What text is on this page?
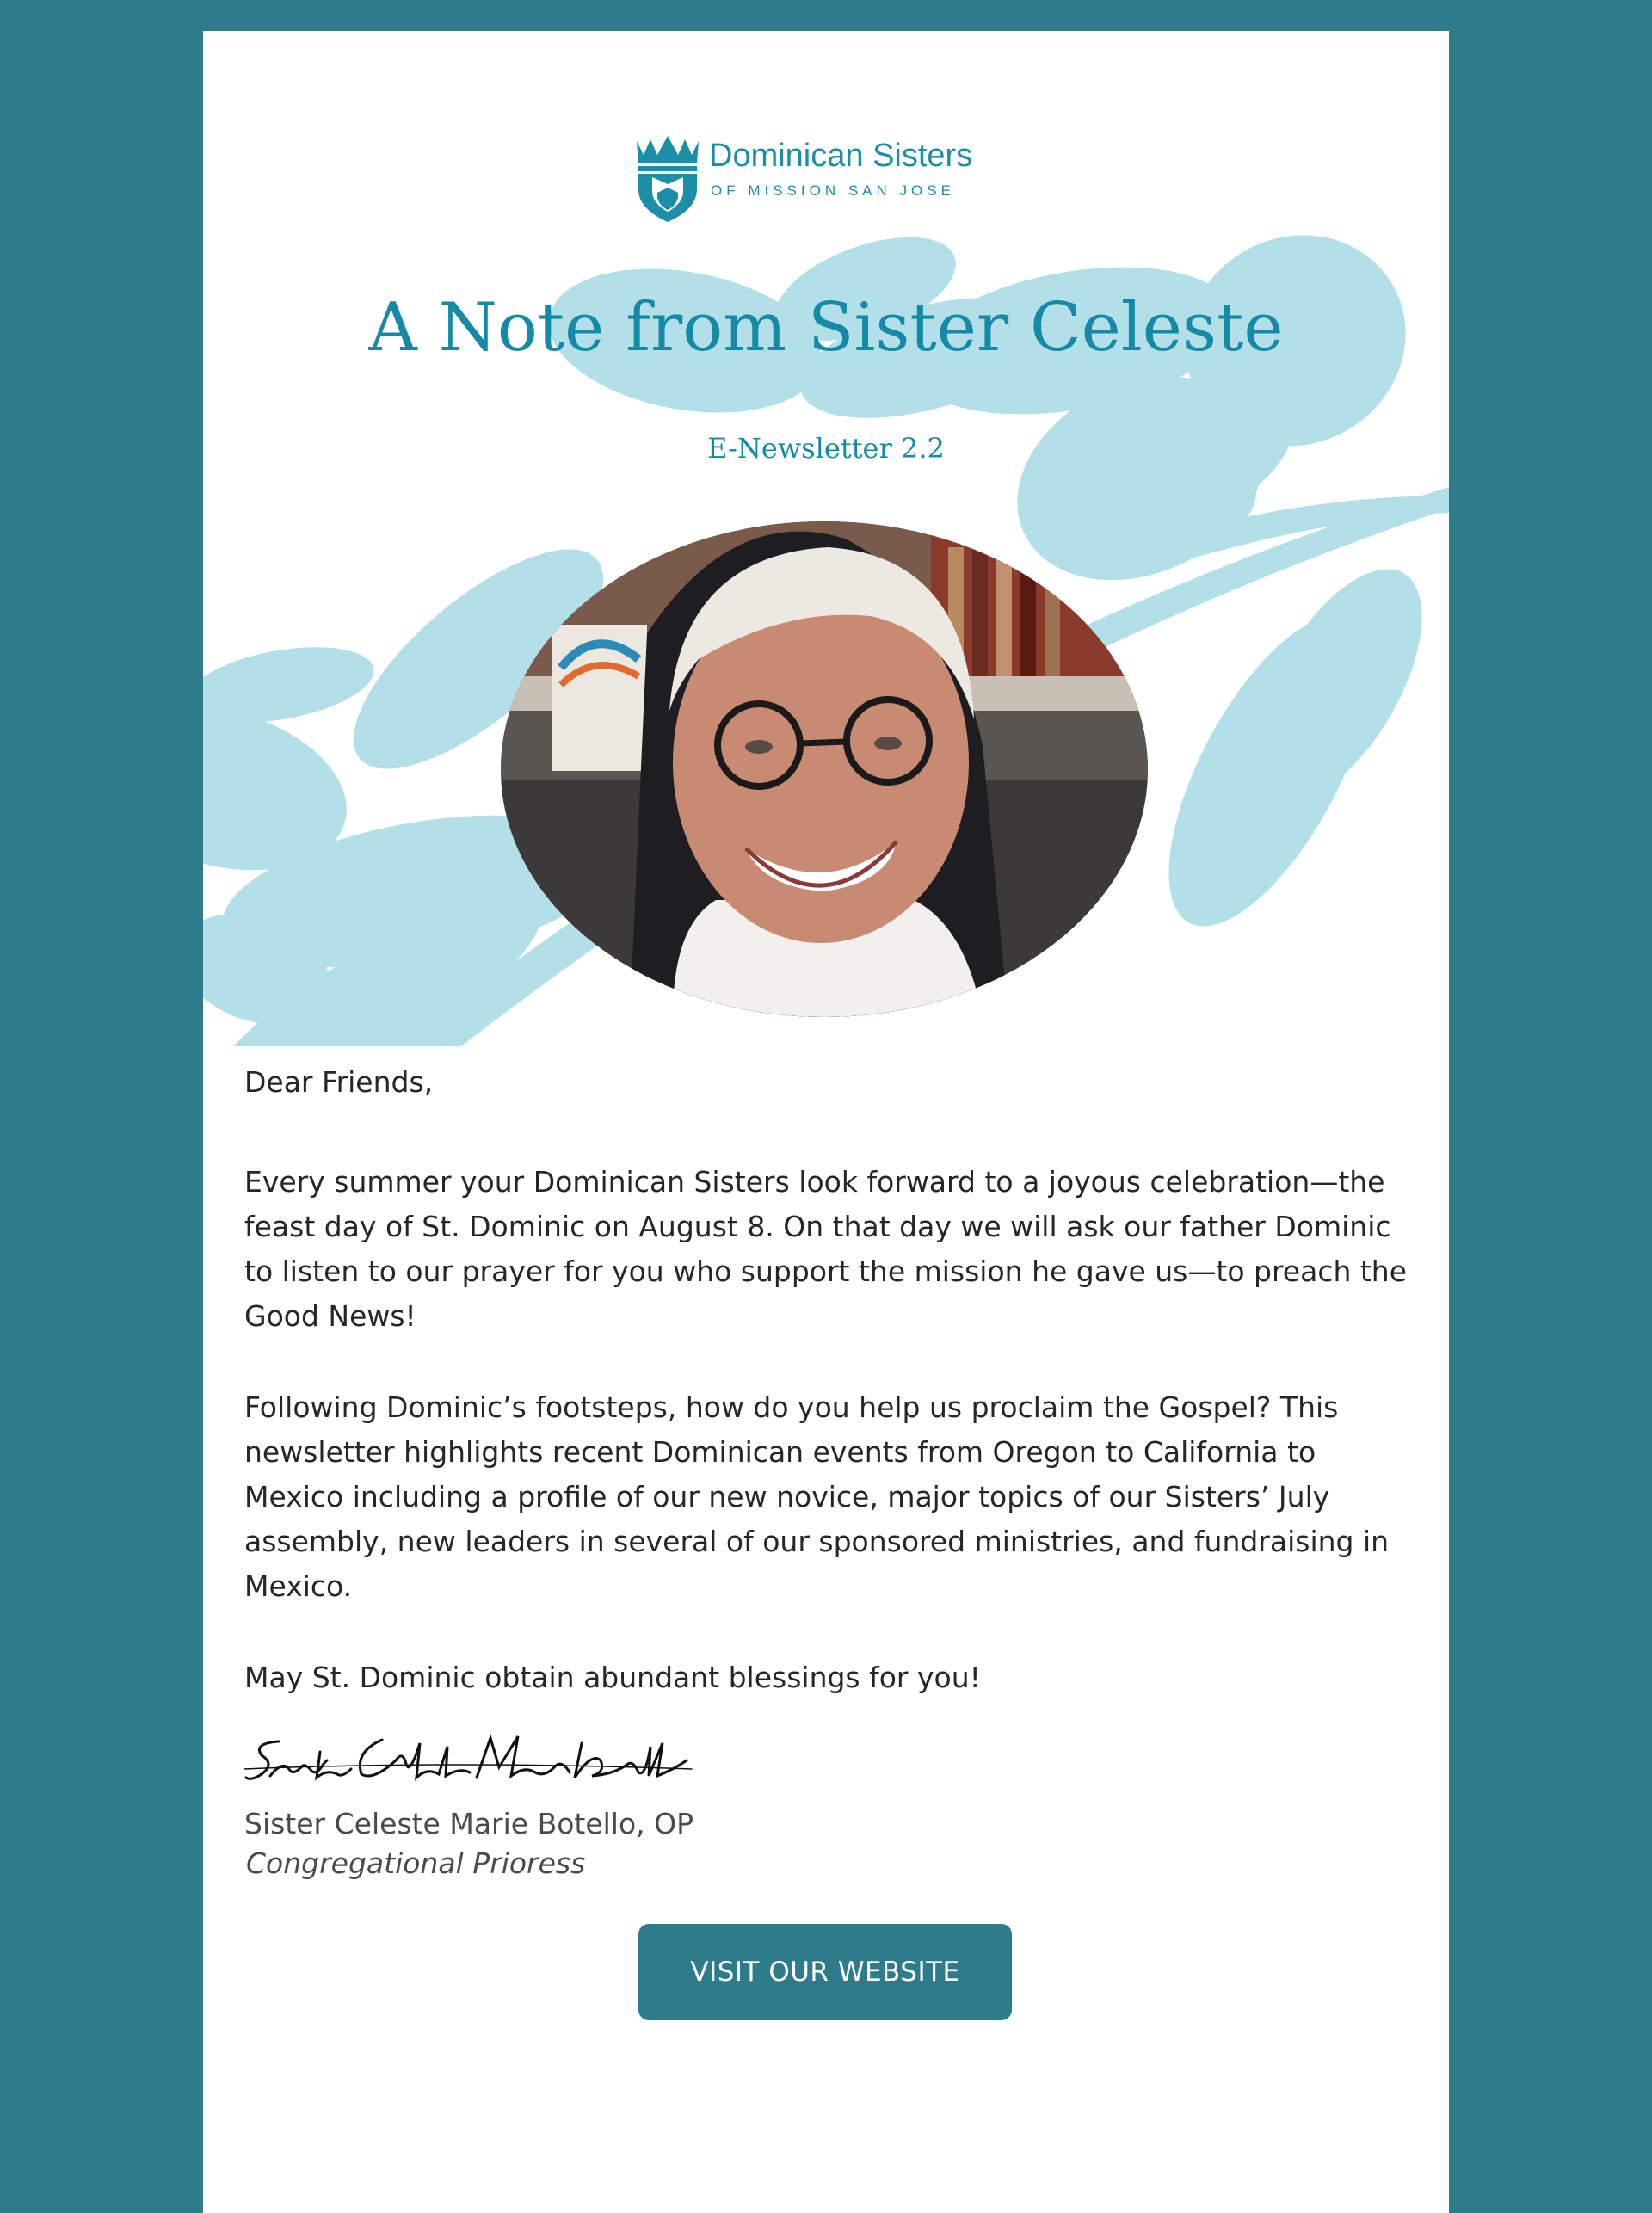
Dominican Sisters
OF MISSION SAN JOSE
A Note from Sister Celeste
E-Newsletter 2.2
Dear Friends,
Every summer your Dominican Sisters look forward to a joyous celebration—the feast day of St. Dominic on August 8. On that day we will ask our father Dominic to listen to our prayer for you who support the mission he gave us—to preach the Good News!
Following Dominic’s footsteps, how do you help us proclaim the Gospel? This newsletter highlights recent Dominican events from Oregon to California to Mexico including a profile of our new novice, major topics of our Sisters’ July assembly, new leaders in several of our sponsored ministries, and fundraising in Mexico.
May St. Dominic obtain abundant blessings for you!
Sister Celeste Marie Botello, OP
Congregational Prioress
VISIT OUR WEBSITE
